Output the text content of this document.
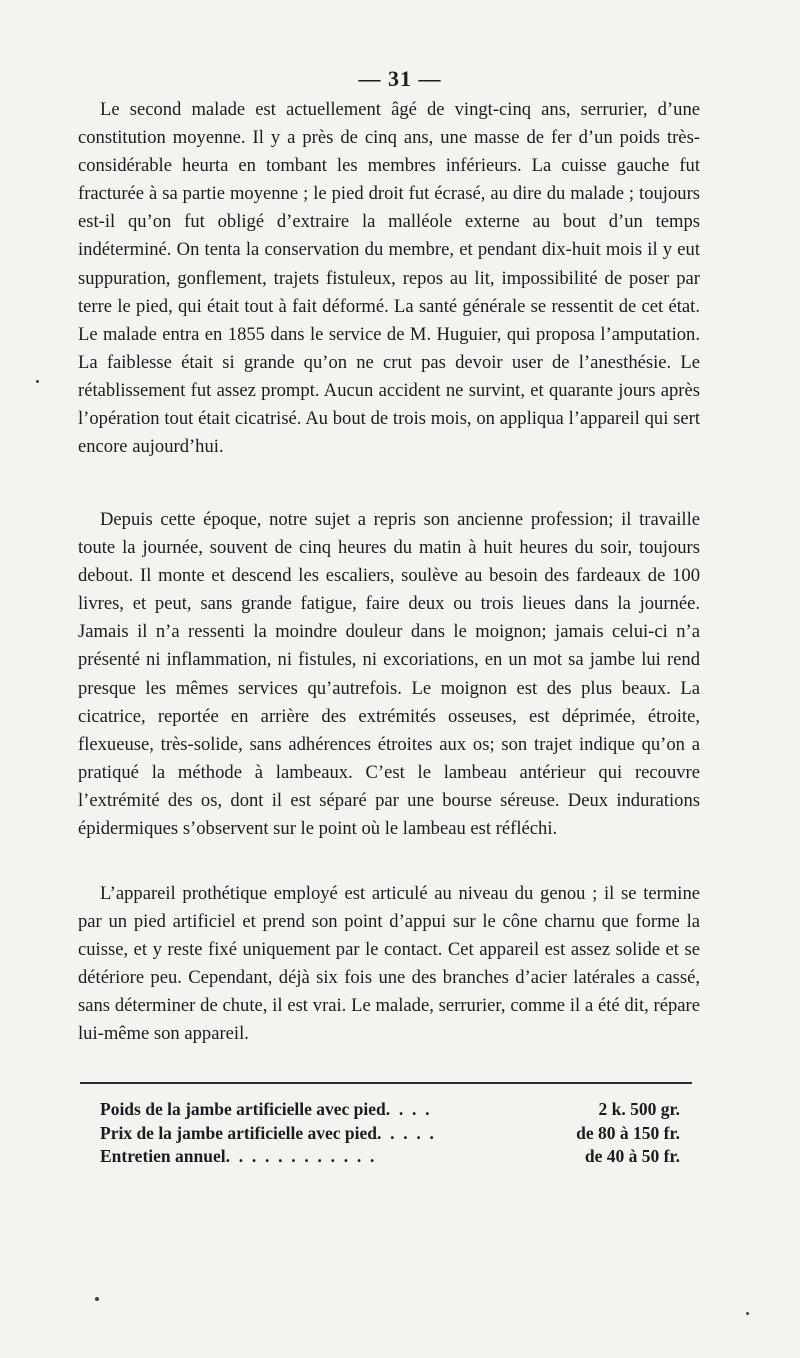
— 31 —

Le second malade est actuellement âgé de vingt-cinq ans, serrurier, d’une constitution moyenne. Il y a près de cinq ans, une masse de fer d’un poids très-considérable heurta en tombant les membres inférieurs. La cuisse gauche fut fracturée à sa partie moyenne ; le pied droit fut écrasé, au dire du malade ; toujours est-il qu’on fut obligé d’extraire la malléole externe au bout d’un temps indéterminé. On tenta la conservation du membre, et pendant dix-huit mois il y eut suppuration, gonflement, trajets fistuleux, repos au lit, impossibilité de poser par terre le pied, qui était tout à fait déformé. La santé générale se ressentit de cet état. Le malade entra en 1855 dans le service de M. Huguier, qui proposa l’amputation. La faiblesse était si grande qu’on ne crut pas devoir user de l’anesthésie. Le rétablissement fut assez prompt. Aucun accident ne survint, et quarante jours après l’opération tout était cicatrisé. Au bout de trois mois, on appliqua l’appareil qui sert encore aujourd’hui.

Depuis cette époque, notre sujet a repris son ancienne profession; il travaille toute la journée, souvent de cinq heures du matin à huit heures du soir, toujours debout. Il monte et descend les escaliers, soulève au besoin des fardeaux de 100 livres, et peut, sans grande fatigue, faire deux ou trois lieues dans la journée. Jamais il n’a ressenti la moindre douleur dans le moignon; jamais celui-ci n’a présenté ni inflammation, ni fistules, ni excoriations, en un mot sa jambe lui rend presque les mêmes services qu’autrefois. Le moignon est des plus beaux. La cicatrice, reportée en arrière des extrémités osseuses, est déprimée, étroite, flexueuse, très-solide, sans adhérences étroites aux os; son trajet indique qu’on a pratiqué la méthode à lambeaux. C’est le lambeau antérieur qui recouvre l’extrémité des os, dont il est séparé par une bourse séreuse. Deux indurations épidermiques s’observent sur le point où le lambeau est réfléchi.

L’appareil prothétique employé est articulé au niveau du genou ; il se termine par un pied artificiel et prend son point d’appui sur le cône charnu que forme la cuisse, et y reste fixé uniquement par le contact. Cet appareil est assez solide et se détériore peu. Cependant, déjà six fois une des branches d’acier latérales a cassé, sans déterminer de chute, il est vrai. Le malade, serrurier, comme il a été dit, répare lui-même son appareil.

Poids de la jambe artificielle avec pied.  .  .  .	2 k. 500 gr.
Prix de la jambe artificielle avec pied.  .  .  .  .	de 80 à 150 fr.
Entretien annuel.  .  .  .  .  .  .  .  .  .  .  .	de 40 à 50 fr.
